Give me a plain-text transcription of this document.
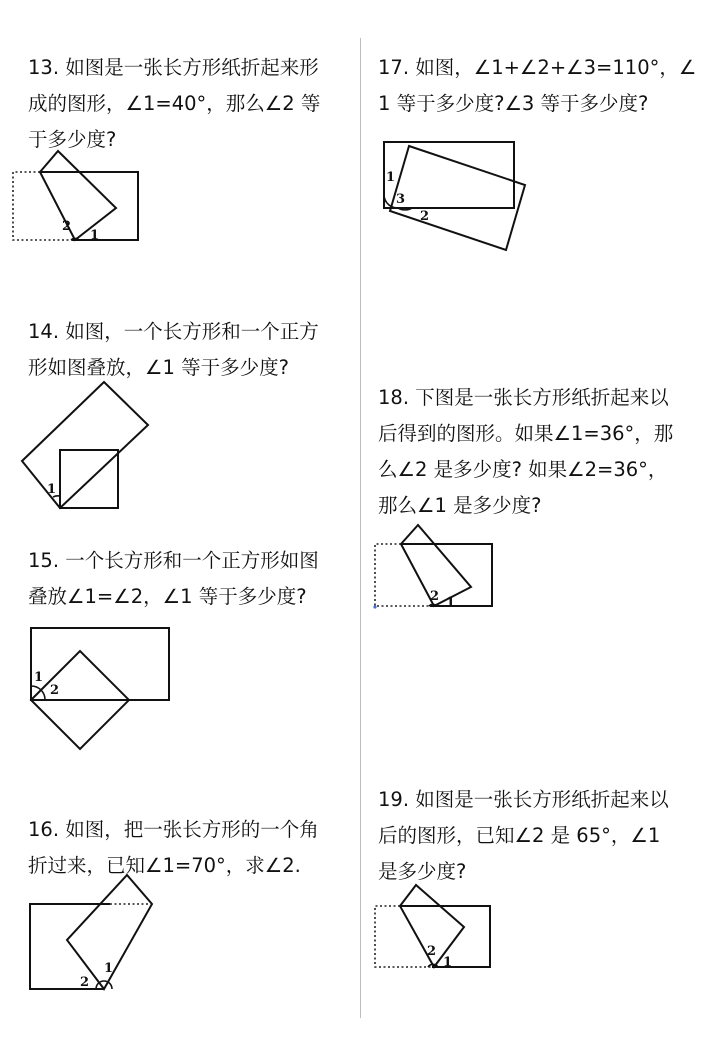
13. 如图是一张长方形纸折起来形
成的图形，∠1=40°，那么∠2 等
于多少度?
2
1
14. 如图，一个长方形和一个正方
形如图叠放，∠1 等于多少度?
1
15. 一个长方形和一个正方形如图
叠放∠1=∠2，∠1 等于多少度?
1
2
16. 如图，把一张长方形的一个角
折过来，已知∠1=70°，求∠2.
1
2
17. 如图，∠1+∠2+∠3=110°，∠
1 等于多少度?∠3 等于多少度?
1
3
2
18. 下图是一张长方形纸折起来以
后得到的图形。如果∠1=36°，那
么∠2 是多少度? 如果∠2=36°，
那么∠1 是多少度?
2 1
19. 如图是一张长方形纸折起来以
后的图形，已知∠2 是 65°，∠1
是多少度?
2
1
